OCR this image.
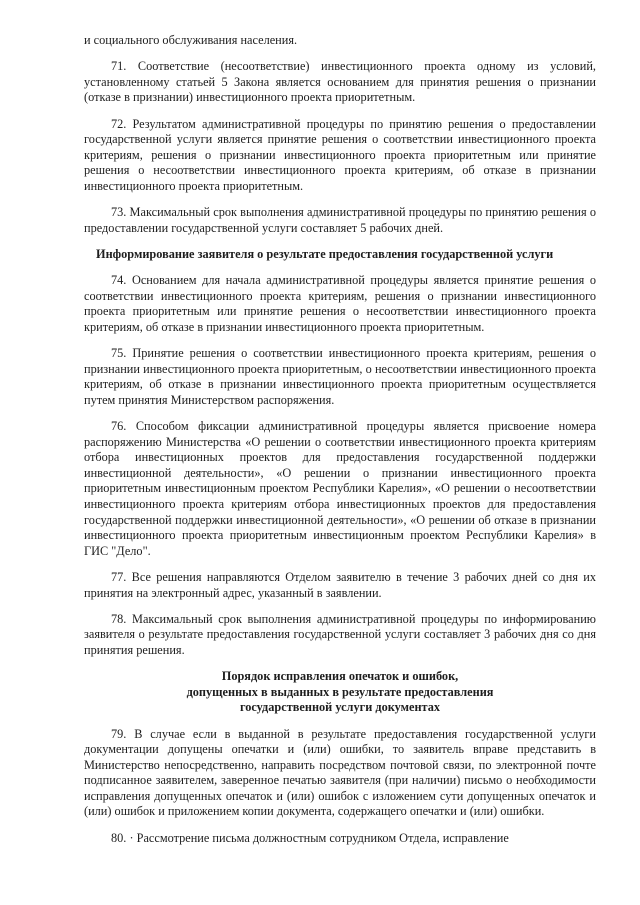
и социального обслуживания населения.

71. Соответствие (несоответствие) инвестиционного проекта одному из условий, установленному статьей 5 Закона является основанием для принятия решения о признании (отказе в признании) инвестиционного проекта приоритетным.

72. Результатом административной процедуры по принятию решения о предоставлении государственной услуги является принятие решения о соответствии инвестиционного проекта критериям, решения о признании инвестиционного проекта приоритетным или принятие решения о несоответствии инвестиционного проекта критериям, об отказе в признании инвестиционного проекта приоритетным.

73. Максимальный срок выполнения административной процедуры по принятию решения о предоставлении государственной услуги составляет 5 рабочих дней.

Информирование заявителя о результате предоставления государственной услуги

74. Основанием для начала административной процедуры является принятие решения о соответствии инвестиционного проекта критериям, решения о признании инвестиционного проекта приоритетным или принятие решения о несоответствии инвестиционного проекта критериям, об отказе в признании инвестиционного проекта приоритетным.

75. Принятие решения о соответствии инвестиционного проекта критериям, решения о признании инвестиционного проекта приоритетным, о несоответствии инвестиционного проекта критериям, об отказе в признании инвестиционного проекта приоритетным осуществляется путем принятия Министерством распоряжения.

76. Способом фиксации административной процедуры является присвоение номера распоряжению Министерства «О решении о соответствии инвестиционного проекта критериям отбора инвестиционных проектов для предоставления государственной поддержки инвестиционной деятельности», «О решении о признании инвестиционного проекта приоритетным инвестиционным проектом Республики Карелия», «О решении о несоответствии инвестиционного проекта критериям отбора инвестиционных проектов для предоставления государственной поддержки инвестиционной деятельности», «О решении об отказе в признании инвестиционного проекта приоритетным инвестиционным проектом Республики Карелия» в ГИС "Дело".

77. Все решения направляются Отделом заявителю в течение 3 рабочих дней со дня их принятия на электронный адрес, указанный в заявлении.

78. Максимальный срок выполнения административной процедуры по информированию заявителя о результате предоставления государственной услуги составляет 3 рабочих дня со дня принятия решения.

Порядок исправления опечаток и ошибок,
допущенных в выданных в результате предоставления
государственной услуги документах

79. В случае если в выданной в результате предоставления государственной услуги документации допущены опечатки и (или) ошибки, то заявитель вправе представить в Министерство непосредственно, направить посредством почтовой связи, по электронной почте подписанное заявителем, заверенное печатью заявителя (при наличии) письмо о необходимости исправления допущенных опечаток и (или) ошибок с изложением сути допущенных опечаток и (или) ошибок и приложением копии документа, содержащего опечатки и (или) ошибки.

80. · Рассмотрение письма должностным сотрудником Отдела, исправление
